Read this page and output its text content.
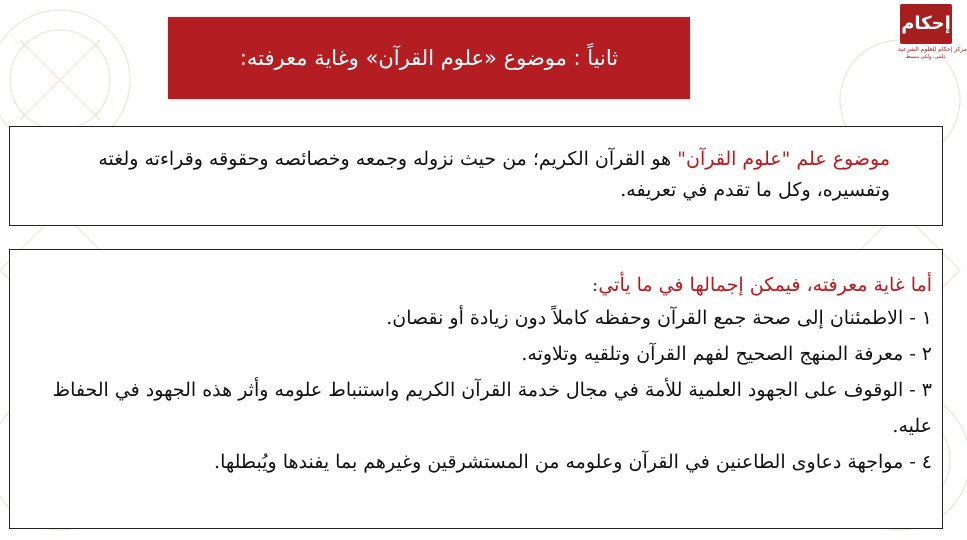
إحكام
مركز إحكام للعلوم الشرعية
علمي، ولكن مبسط
ثانياً : موضوع «علوم القرآن» وغاية معرفته:

موضوع علم "علوم القرآن" هو القرآن الكريم؛ من حيث نزوله وجمعه وخصائصه وحقوقه وقراءته ولغته وتفسيره، وكل ما تقدم في تعريفه.

أما غاية معرفته، فيمكن إجمالها في ما يأتي:

١ - الاطمئنان إلى صحة جمع القرآن وحفظه كاملاً دون زيادة أو نقصان.

٢ - معرفة المنهج الصحيح لفهم القرآن وتلقيه وتلاوته.

٣ - الوقوف على الجهود العلمية للأمة في مجال خدمة القرآن الكريم واستنباط علومه وأثر هذه الجهود في الحفاظ عليه.

٤ - مواجهة دعاوى الطاعنين في القرآن وعلومه من المستشرقين وغيرهم بما يفندها ويُبطلها.
